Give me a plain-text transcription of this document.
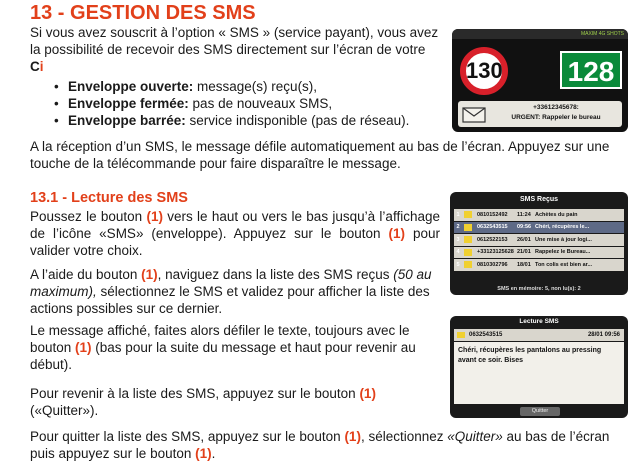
13 - GESTION DES SMS
Si vous avez souscrit à l’option « SMS » (service payant), vous avez la possibilité de recevoir des SMS directement sur l’écran de votre Ci
• Enveloppe ouverte: message(s) reçu(s),
• Enveloppe fermée: pas de nouveaux SMS,
• Enveloppe barrée: service indisponible (pas de réseau).
A la réception d’un SMS, le message défile automatiquement au bas de l’écran. Appuyez sur une touche de la télécommande pour faire disparaître le message.
13.1 - Lecture des SMS
Poussez le bouton (1) vers le haut ou vers le bas jusqu’à l’affichage de l’icône «SMS» (enveloppe). Appuyez sur le bouton (1) pour valider votre choix.
A l’aide du bouton (1), naviguez dans la liste des SMS reçus (50 au maximum), sélectionnez le SMS et validez pour afficher la liste des actions possibles sur ce dernier.
Le message affiché, faites alors défiler le texte, toujours avec le bouton (1) (bas pour la suite du message et haut pour revenir au début).
Pour revenir à la liste des SMS, appuyez sur le bouton (1) («Quitter»).
Pour quitter la liste des SMS, appuyez sur le bouton (1), sélectionnez «Quitter» au bas de l’écran puis appuyez sur le bouton (1).
MAXIM 4G SHOTS
130 128
+33612345678:
URGENT: Rappeler le bureau
SMS Reçus
1	0810152492	11:24 Achètes du pain
2	0632543515	09:56 Chéri, récupères le...
3	0612522153	26/01 Une mise à jour logi...
4	+33123125628 21/01 Rappelez le Bureau...
5	0810302796	18/01 Ton colis est bien ar...
SMS en mémoire: 5, non lu(s): 2
Lecture SMS
0632543515	28/01 09:56
Chéri, récupères les pantalons au pressing avant ce soir. Bises
Quitter
